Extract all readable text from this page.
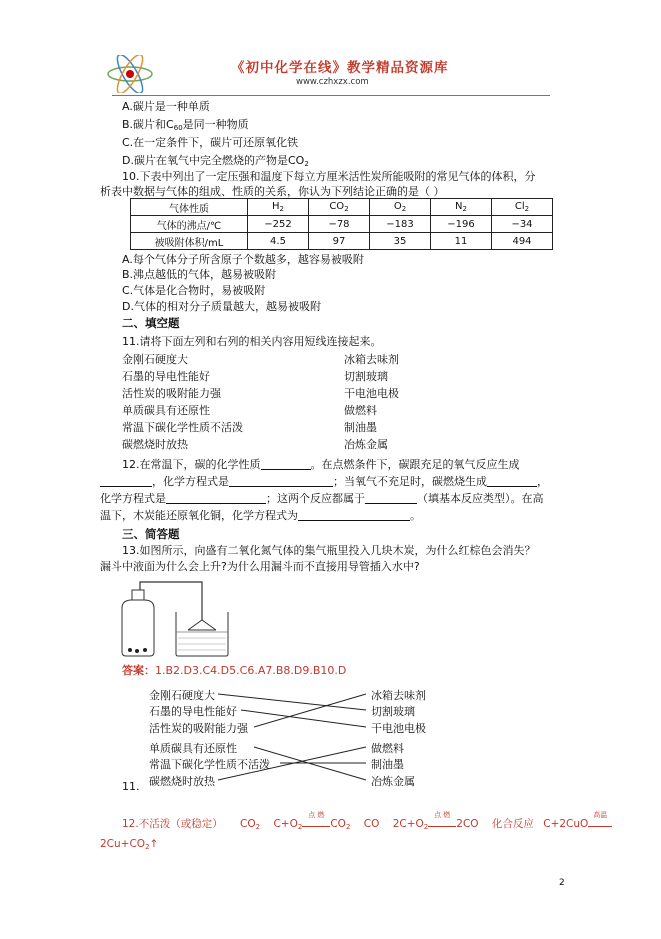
《初中化学在线》教学精品资源库
www.czhxzx.com
A.碳片是一种单质
B.碳片和C60是同一种物质
C.在一定条件下，碳片可还原氧化铁
D.碳片在氧气中完全燃烧的产物是CO2
10.下表中列出了一定压强和温度下每立方厘米活性炭所能吸附的常见气体的体积，分
析表中数据与气体的组成、性质的关系，你认为下列结论正确的是（ ）
气体性质	$H_2$	$CO_2$	$O_2$	$N_2$	$Cl_2$
气体的沸点/℃	−252	−78	−183	−196	−34
被吸附体积/mL	4.5	97	35	11	494
A.每个气体分子所含原子个数越多，越容易被吸附
B.沸点越低的气体，越易被吸附
C.气体是化合物时，易被吸附
D.气体的相对分子质量越大，越易被吸附
二、填空题
11.请将下面左列和右列的相关内容用短线连接起来。
金刚石硬度大
石墨的导电性能好
活性炭的吸附能力强
单质碳具有还原性
常温下碳化学性质不活泼
碳燃烧时放热
冰箱去味剂
切割玻璃
干电池电极
做燃料
制油墨
冶炼金属
12.在常温下，碳的化学性质	。在点燃条件下，碳跟充足的氧气反应生成
，化学方程式是	；当氧气不充足时，碳燃烧生成	，
化学方程式是	；这两个反应都属于	（填基本反应类型）。在高
温下，木炭能还原氧化铜，化学方程式为	。
三、简答题
13.如图所示，向盛有二氧化氮气体的集气瓶里投入几块木炭，为什么红棕色会消失？
漏斗中液面为什么会上升?为什么用漏斗而不直接用导管插入水中?
答案：1.B2.D3.C4.D5.C6.A7.B8.D9.B10.D
金刚石硬度大
石墨的导电性能好
活性炭的吸附能力强
单质碳具有还原性
常温下碳化学性质不活泼
碳燃烧时放热
冰箱去味剂
切割玻璃
干电池电极
做燃料
制油墨
冶炼金属
11.
12.不活泼（或稳定） CO2 C+O2
点 燃
CO2 CO 2C+O2
点 燃
2CO 化合反应 C+2CuO
高温
2Cu+CO2↑
2
